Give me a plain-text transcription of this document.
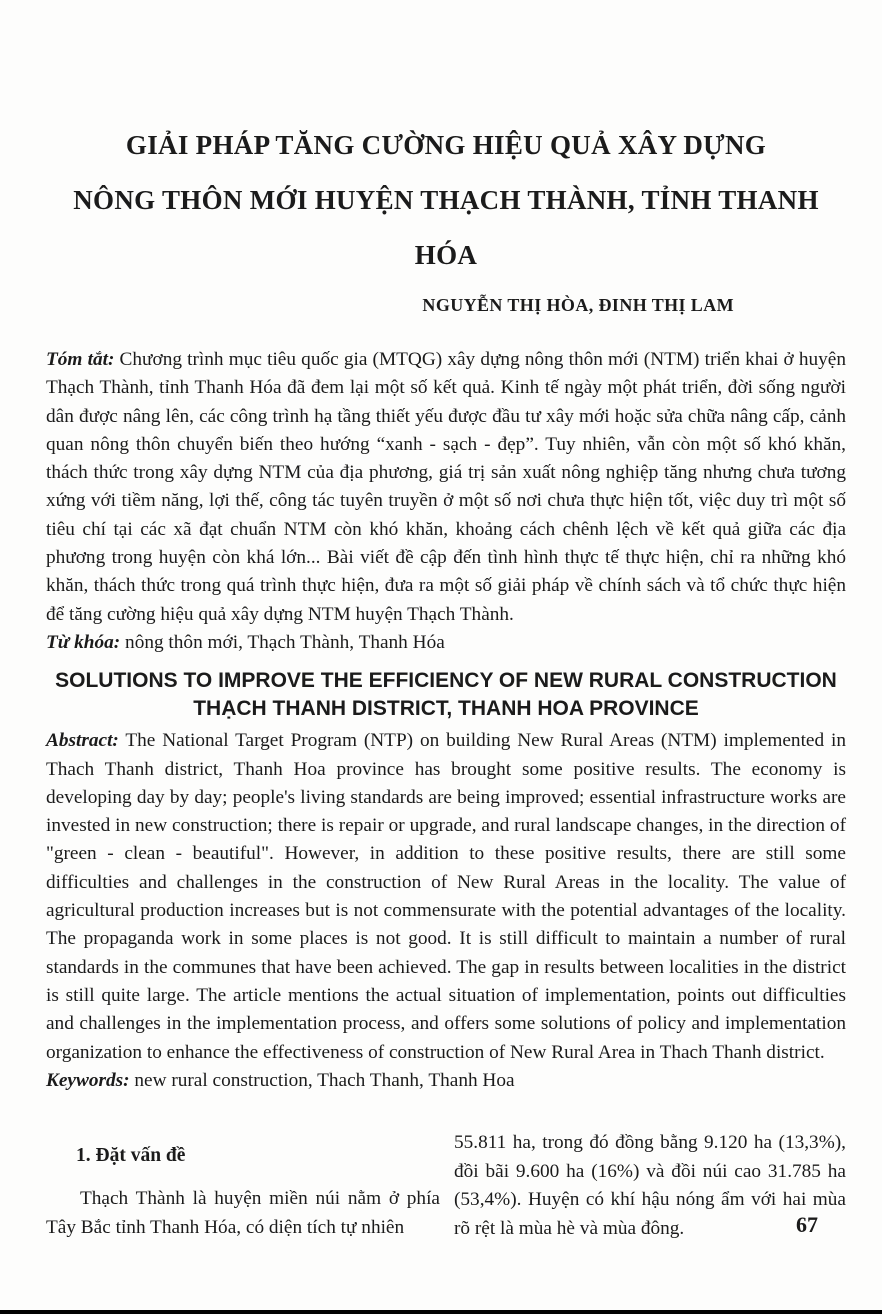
GIẢI PHÁP TĂNG CƯỜNG HIỆU QUẢ XÂY DỰNG
NÔNG THÔN MỚI HUYỆN THẠCH THÀNH, TỈNH THANH HÓA
NGUYỄN THỊ HÒA, ĐINH THỊ LAM

Tóm tắt: Chương trình mục tiêu quốc gia (MTQG) xây dựng nông thôn mới (NTM) triển khai ở huyện Thạch Thành, tỉnh Thanh Hóa đã đem lại một số kết quả. Kinh tế ngày một phát triển, đời sống người dân được nâng lên, các công trình hạ tầng thiết yếu được đầu tư xây mới hoặc sửa chữa nâng cấp, cảnh quan nông thôn chuyển biến theo hướng “xanh - sạch - đẹp”. Tuy nhiên, vẫn còn một số khó khăn, thách thức trong xây dựng NTM của địa phương, giá trị sản xuất nông nghiệp tăng nhưng chưa tương xứng với tiềm năng, lợi thế, công tác tuyên truyền ở một số nơi chưa thực hiện tốt, việc duy trì một số tiêu chí tại các xã đạt chuẩn NTM còn khó khăn, khoảng cách chênh lệch về kết quả giữa các địa phương trong huyện còn khá lớn... Bài viết đề cập đến tình hình thực tế thực hiện, chỉ ra những khó khăn, thách thức trong quá trình thực hiện, đưa ra một số giải pháp về chính sách và tổ chức thực hiện để tăng cường hiệu quả xây dựng NTM huyện Thạch Thành.

Từ khóa: nông thôn mới, Thạch Thành, Thanh Hóa

SOLUTIONS TO IMPROVE THE EFFICIENCY OF NEW RURAL CONSTRUCTION
THẠCH THANH DISTRICT, THANH HOA PROVINCE

Abstract: The National Target Program (NTP) on building New Rural Areas (NTM) implemented in Thach Thanh district, Thanh Hoa province has brought some positive results. The economy is developing day by day; people's living standards are being improved; essential infrastructure works are invested in new construction; there is repair or upgrade, and rural landscape changes, in the direction of "green - clean - beautiful". However, in addition to these positive results, there are still some difficulties and challenges in the construction of New Rural Areas in the locality. The value of agricultural production increases but is not commensurate with the potential advantages of the locality. The propaganda work in some places is not good. It is still difficult to maintain a number of rural standards in the communes that have been achieved. The gap in results between localities in the district is still quite large. The article mentions the actual situation of implementation, points out difficulties and challenges in the implementation process, and offers some solutions of policy and implementation organization to enhance the effectiveness of construction of New Rural Area in Thach Thanh district.

Keywords: new rural construction, Thach Thanh, Thanh Hoa

1. Đặt vấn đề

Thạch Thành là huyện miền núi nằm ở phía Tây Bắc tỉnh Thanh Hóa, có diện tích tự nhiên

55.811 ha, trong đó đồng bằng 9.120 ha (13,3%), đồi bãi 9.600 ha (16%) và đồi núi cao 31.785 ha (53,4%). Huyện có khí hậu nóng ẩm với hai mùa rõ rệt là mùa hè và mùa đông.	67
